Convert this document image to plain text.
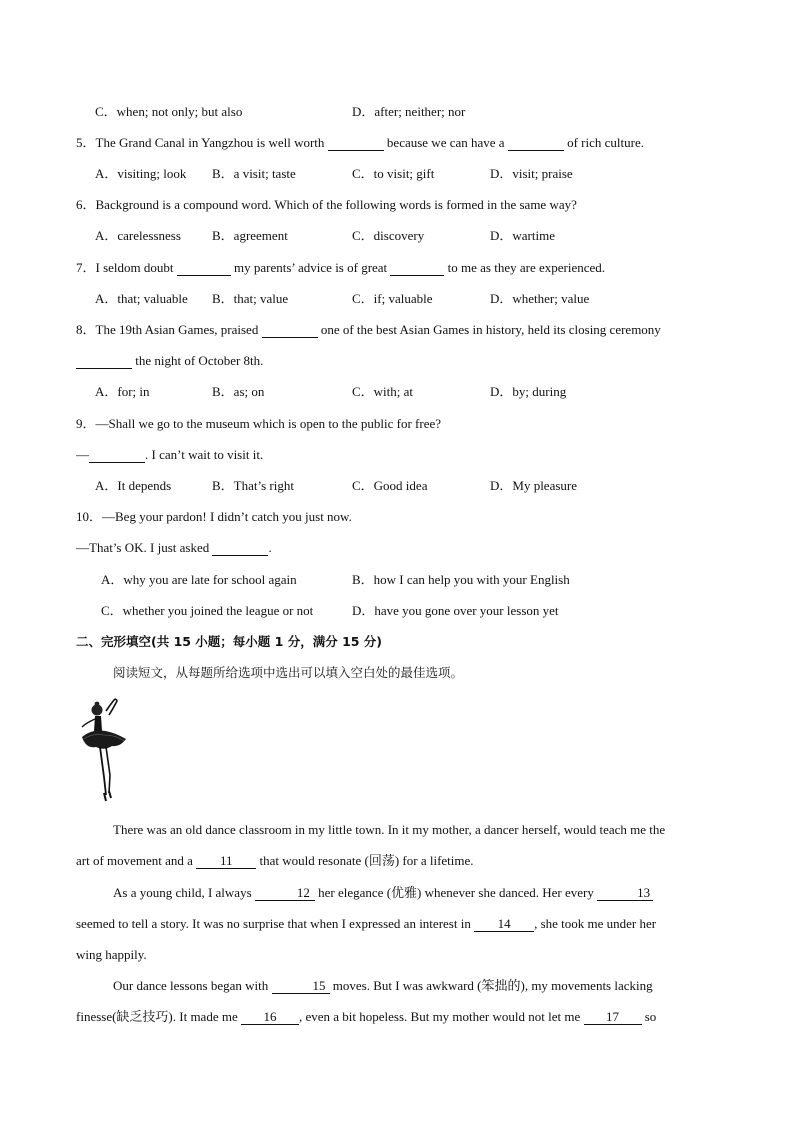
C．when; not only; but also	D．after; neither; nor
5．The Grand Canal in Yangzhou is well worth	because we can have a	of rich culture.
A．visiting; look B．a visit; taste	C．to visit; gift	D．visit; praise
6．Background is a compound word. Which of the following words is formed in the same way?
A．carelessness B．agreement	C．discovery	D．wartime
7．I seldom doubt	my parents’ advice is of great	to me as they are experienced.
A．that; valuable B．that; value	C．if; valuable	D．whether; value
8．The 19th Asian Games, praised	one of the best Asian Games in history, held its closing ceremony
the night of October 8th.
A．for; in	B．as; on	C．with; at	D．by; during
9．—Shall we go to the museum which is open to the public for free?
—	. I can’t wait to visit it.
A．It depends	B．That’s right	C．Good idea	D．My pleasure
10．—Beg your pardon! I didn’t catch you just now.
—That’s OK. I just asked	.
A．why you are late for school again	B．how I can help you with your English
C．whether you joined the league or not	D．have you gone over your lesson yet
二、完形填空(共 15 小题；每小题 1 分，满分 15 分)
阅读短文，从每题所给选项中选出可以填入空白处的最佳选项。
There was an old dance classroom in my little town. In it my mother, a dancer herself, would teach me the
art of movement and a 11 that would resonate (回荡) for a lifetime.
As a young child, I always	12 her elegance (优雅) whenever she danced. Her every	13
seemed to tell a story. It was no surprise that when I expressed an interest in 14 , she took me under her
wing happily.
Our dance lessons began with	15 moves. But I was awkward (笨拙的), my movements lacking
finesse(缺乏技巧). It made me 16 , even a bit hopeless. But my mother would not let me 17 so
